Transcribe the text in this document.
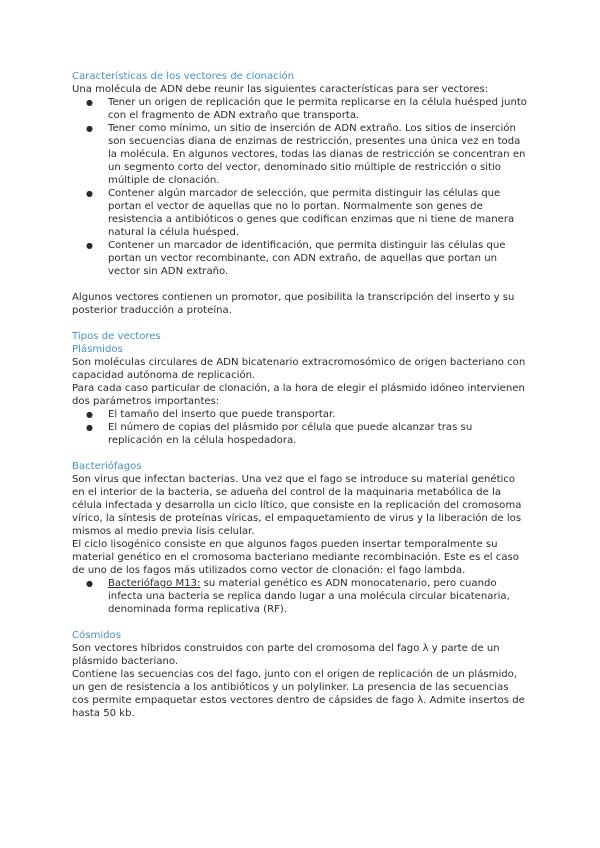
Características de los vectores de clonación

Una molécula de ADN debe reunir las siguientes características para ser vectores:

● Tener un origen de replicación que le permita replicarse en la célula huésped junto con el fragmento de ADN extraño que transporta.
● Tener como mínimo, un sitio de inserción de ADN extraño. Los sitios de inserción son secuencias diana de enzimas de restricción, presentes una única vez en toda la molécula. En algunos vectores, todas las dianas de restricción se concentran en un segmento corto del vector, denominado sitio múltiple de restricción o sitio múltiple de clonación.
● Contener algún marcador de selección, que permita distinguir las células que portan el vector de aquellas que no lo portan. Normalmente son genes de resistencia a antibióticos o genes que codifican enzimas que ni tiene de manera natural la célula huésped.
● Contener un marcador de identificación, que permita distinguir las células que portan un vector recombinante, con ADN extraño, de aquellas que portan un vector sin ADN extraño.

Algunos vectores contienen un promotor, que posibilita la transcripción del inserto y su posterior traducción a proteína.

Tipos de vectores

Plásmidos

Son moléculas circulares de ADN bicatenario extracromosómico de origen bacteriano con capacidad autónoma de replicación.

Para cada caso particular de clonación, a la hora de elegir el plásmido idóneo intervienen dos parámetros importantes:

● El tamaño del inserto que puede transportar.
● El número de copias del plásmido por célula que puede alcanzar tras su replicación en la célula hospedadora.

Bacteriófagos

Son virus que infectan bacterias. Una vez que el fago se introduce su material genético en el interior de la bacteria, se adueña del control de la maquinaria metabólica de la célula infectada y desarrolla un ciclo lítico, que consiste en la replicación del cromosoma vírico, la síntesis de proteínas víricas, el empaquetamiento de virus y la liberación de los mismos al medio previa lisis celular.

El ciclo lisogénico consiste en que algunos fagos pueden insertar temporalmente su material genético en el cromosoma bacteriano mediante recombinación. Este es el caso de uno de los fagos más utilizados como vector de clonación: el fago lambda.

● Bacteriófago M13: su material genético es ADN monocatenario, pero cuando infecta una bacteria se replica dando lugar a una molécula circular bicatenaria, denominada forma replicativa (RF).

Cósmidos

Son vectores híbridos construidos con parte del cromosoma del fago λ y parte de un plásmido bacteriano.

Contiene las secuencias cos del fago, junto con el origen de replicación de un plásmido, un gen de resistencia a los antibióticos y un polylinker. La presencia de las secuencias cos permite empaquetar estos vectores dentro de cápsides de fago λ. Admite insertos de hasta 50 kb.
